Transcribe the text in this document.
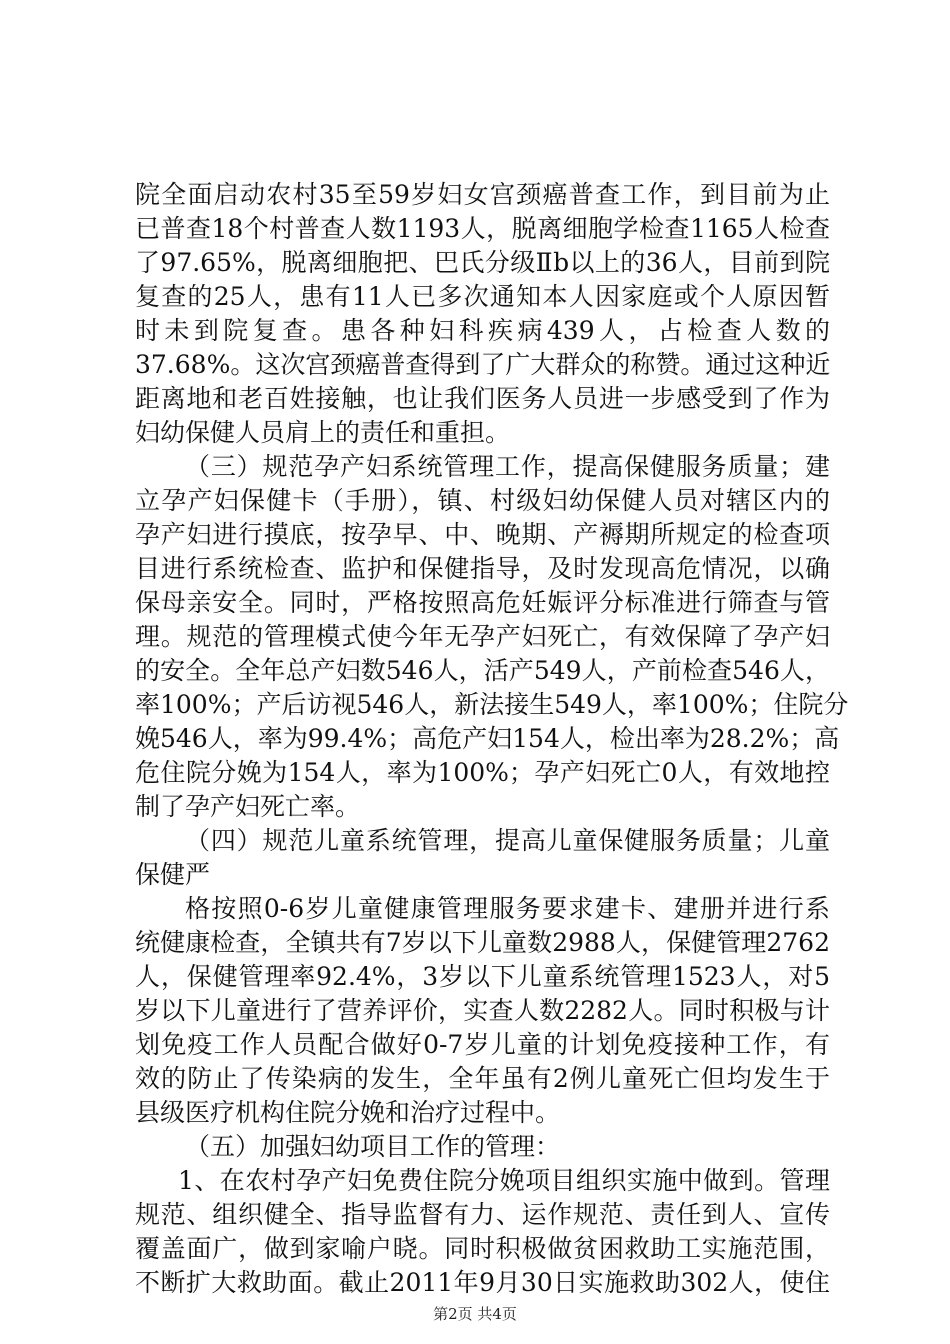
院全面启动农村35至59岁妇女宫颈癌普查工作，到目前为止
已普查18个村普查人数1193人，脱离细胞学检查1165人检查
了97.65%，脱离细胞把、巴氏分级Ⅱb以上的36人，目前到院
复查的25人，患有11人已多次通知本人因家庭或个人原因暂
时未到院复查。患各种妇科疾病439人，占检查人数的
37.68%。这次宫颈癌普查得到了广大群众的称赞。通过这种近
距离地和老百姓接触，也让我们医务人员进一步感受到了作为
妇幼保健人员肩上的责任和重担。
（三）规范孕产妇系统管理工作，提高保健服务质量；建
立孕产妇保健卡（手册），镇、村级妇幼保健人员对辖区内的
孕产妇进行摸底，按孕早、中、晚期、产褥期所规定的检查项
目进行系统检查、监护和保健指导，及时发现高危情况，以确
保母亲安全。同时，严格按照高危妊娠评分标准进行筛查与管
理。规范的管理模式使今年无孕产妇死亡，有效保障了孕产妇
的安全。全年总产妇数546人，活产549人，产前检查546人，
率100%；产后访视546人，新法接生549人，率100%；住院分
娩546人，率为99.4%；高危产妇154人，检出率为28.2%；高
危住院分娩为154人，率为100%；孕产妇死亡0人，有效地控
制了孕产妇死亡率。
（四）规范儿童系统管理，提高儿童保健服务质量；儿童
保健严
格按照0-6岁儿童健康管理服务要求建卡、建册并进行系
统健康检查，全镇共有7岁以下儿童数2988人，保健管理2762
人，保健管理率92.4%，3岁以下儿童系统管理1523人，对5
岁以下儿童进行了营养评价，实查人数2282人。同时积极与计
划免疫工作人员配合做好0-7岁儿童的计划免疫接种工作，有
效的防止了传染病的发生，全年虽有2例儿童死亡但均发生于
县级医疗机构住院分娩和治疗过程中。
（五）加强妇幼项目工作的管理：
1、在农村孕产妇免费住院分娩项目组织实施中做到。管理
规范、组织健全、指导监督有力、运作规范、责任到人、宣传
覆盖面广，做到家喻户晓。同时积极做贫困救助工实施范围，
不断扩大救助面。截止2011年9月30日实施救助302人，使住
第2页 共4页
